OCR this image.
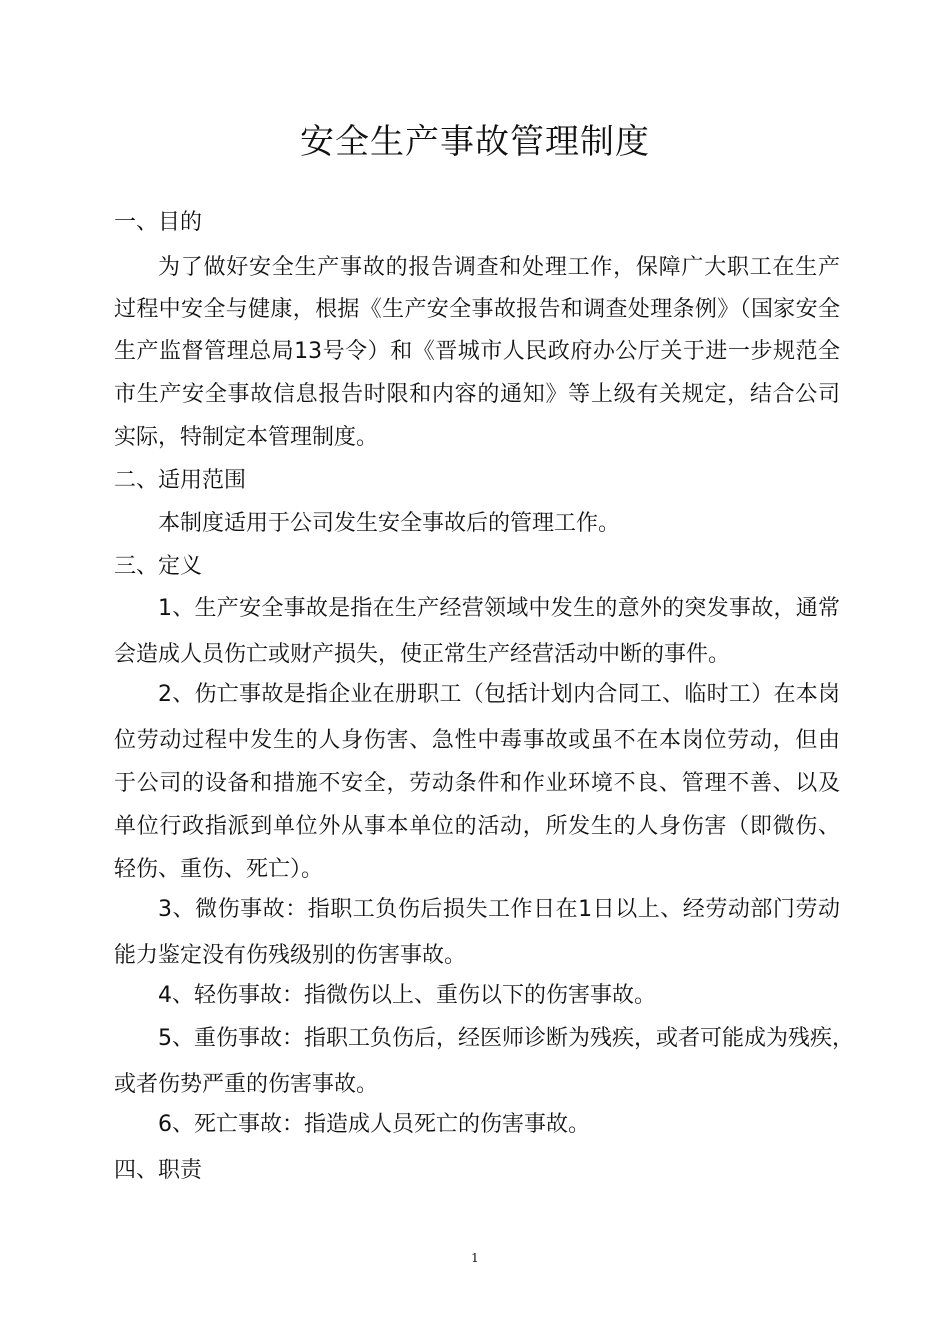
安全生产事故管理制度
一、目的
为了做好安全生产事故的报告调查和处理工作，保障广大职工在生产
过程中安全与健康，根据《生产安全事故报告和调查处理条例》（国家安全
生产监督管理总局13号令）和《晋城市人民政府办公厅关于进一步规范全
市生产安全事故信息报告时限和内容的通知》等上级有关规定，结合公司
实际，特制定本管理制度。
二、适用范围
本制度适用于公司发生安全事故后的管理工作。
三、定义
1、生产安全事故是指在生产经营领域中发生的意外的突发事故，通常
会造成人员伤亡或财产损失，使正常生产经营活动中断的事件。
2、伤亡事故是指企业在册职工（包括计划内合同工、临时工）在本岗
位劳动过程中发生的人身伤害、急性中毒事故或虽不在本岗位劳动，但由
于公司的设备和措施不安全，劳动条件和作业环境不良、管理不善、以及
单位行政指派到单位外从事本单位的活动，所发生的人身伤害（即微伤、
轻伤、重伤、死亡）。
3、微伤事故：指职工负伤后损失工作日在1日以上、经劳动部门劳动
能力鉴定没有伤残级别的伤害事故。
4、轻伤事故：指微伤以上、重伤以下的伤害事故。
5、重伤事故：指职工负伤后，经医师诊断为残疾，或者可能成为残疾，
或者伤势严重的伤害事故。
6、死亡事故：指造成人员死亡的伤害事故。
四、职责
1
